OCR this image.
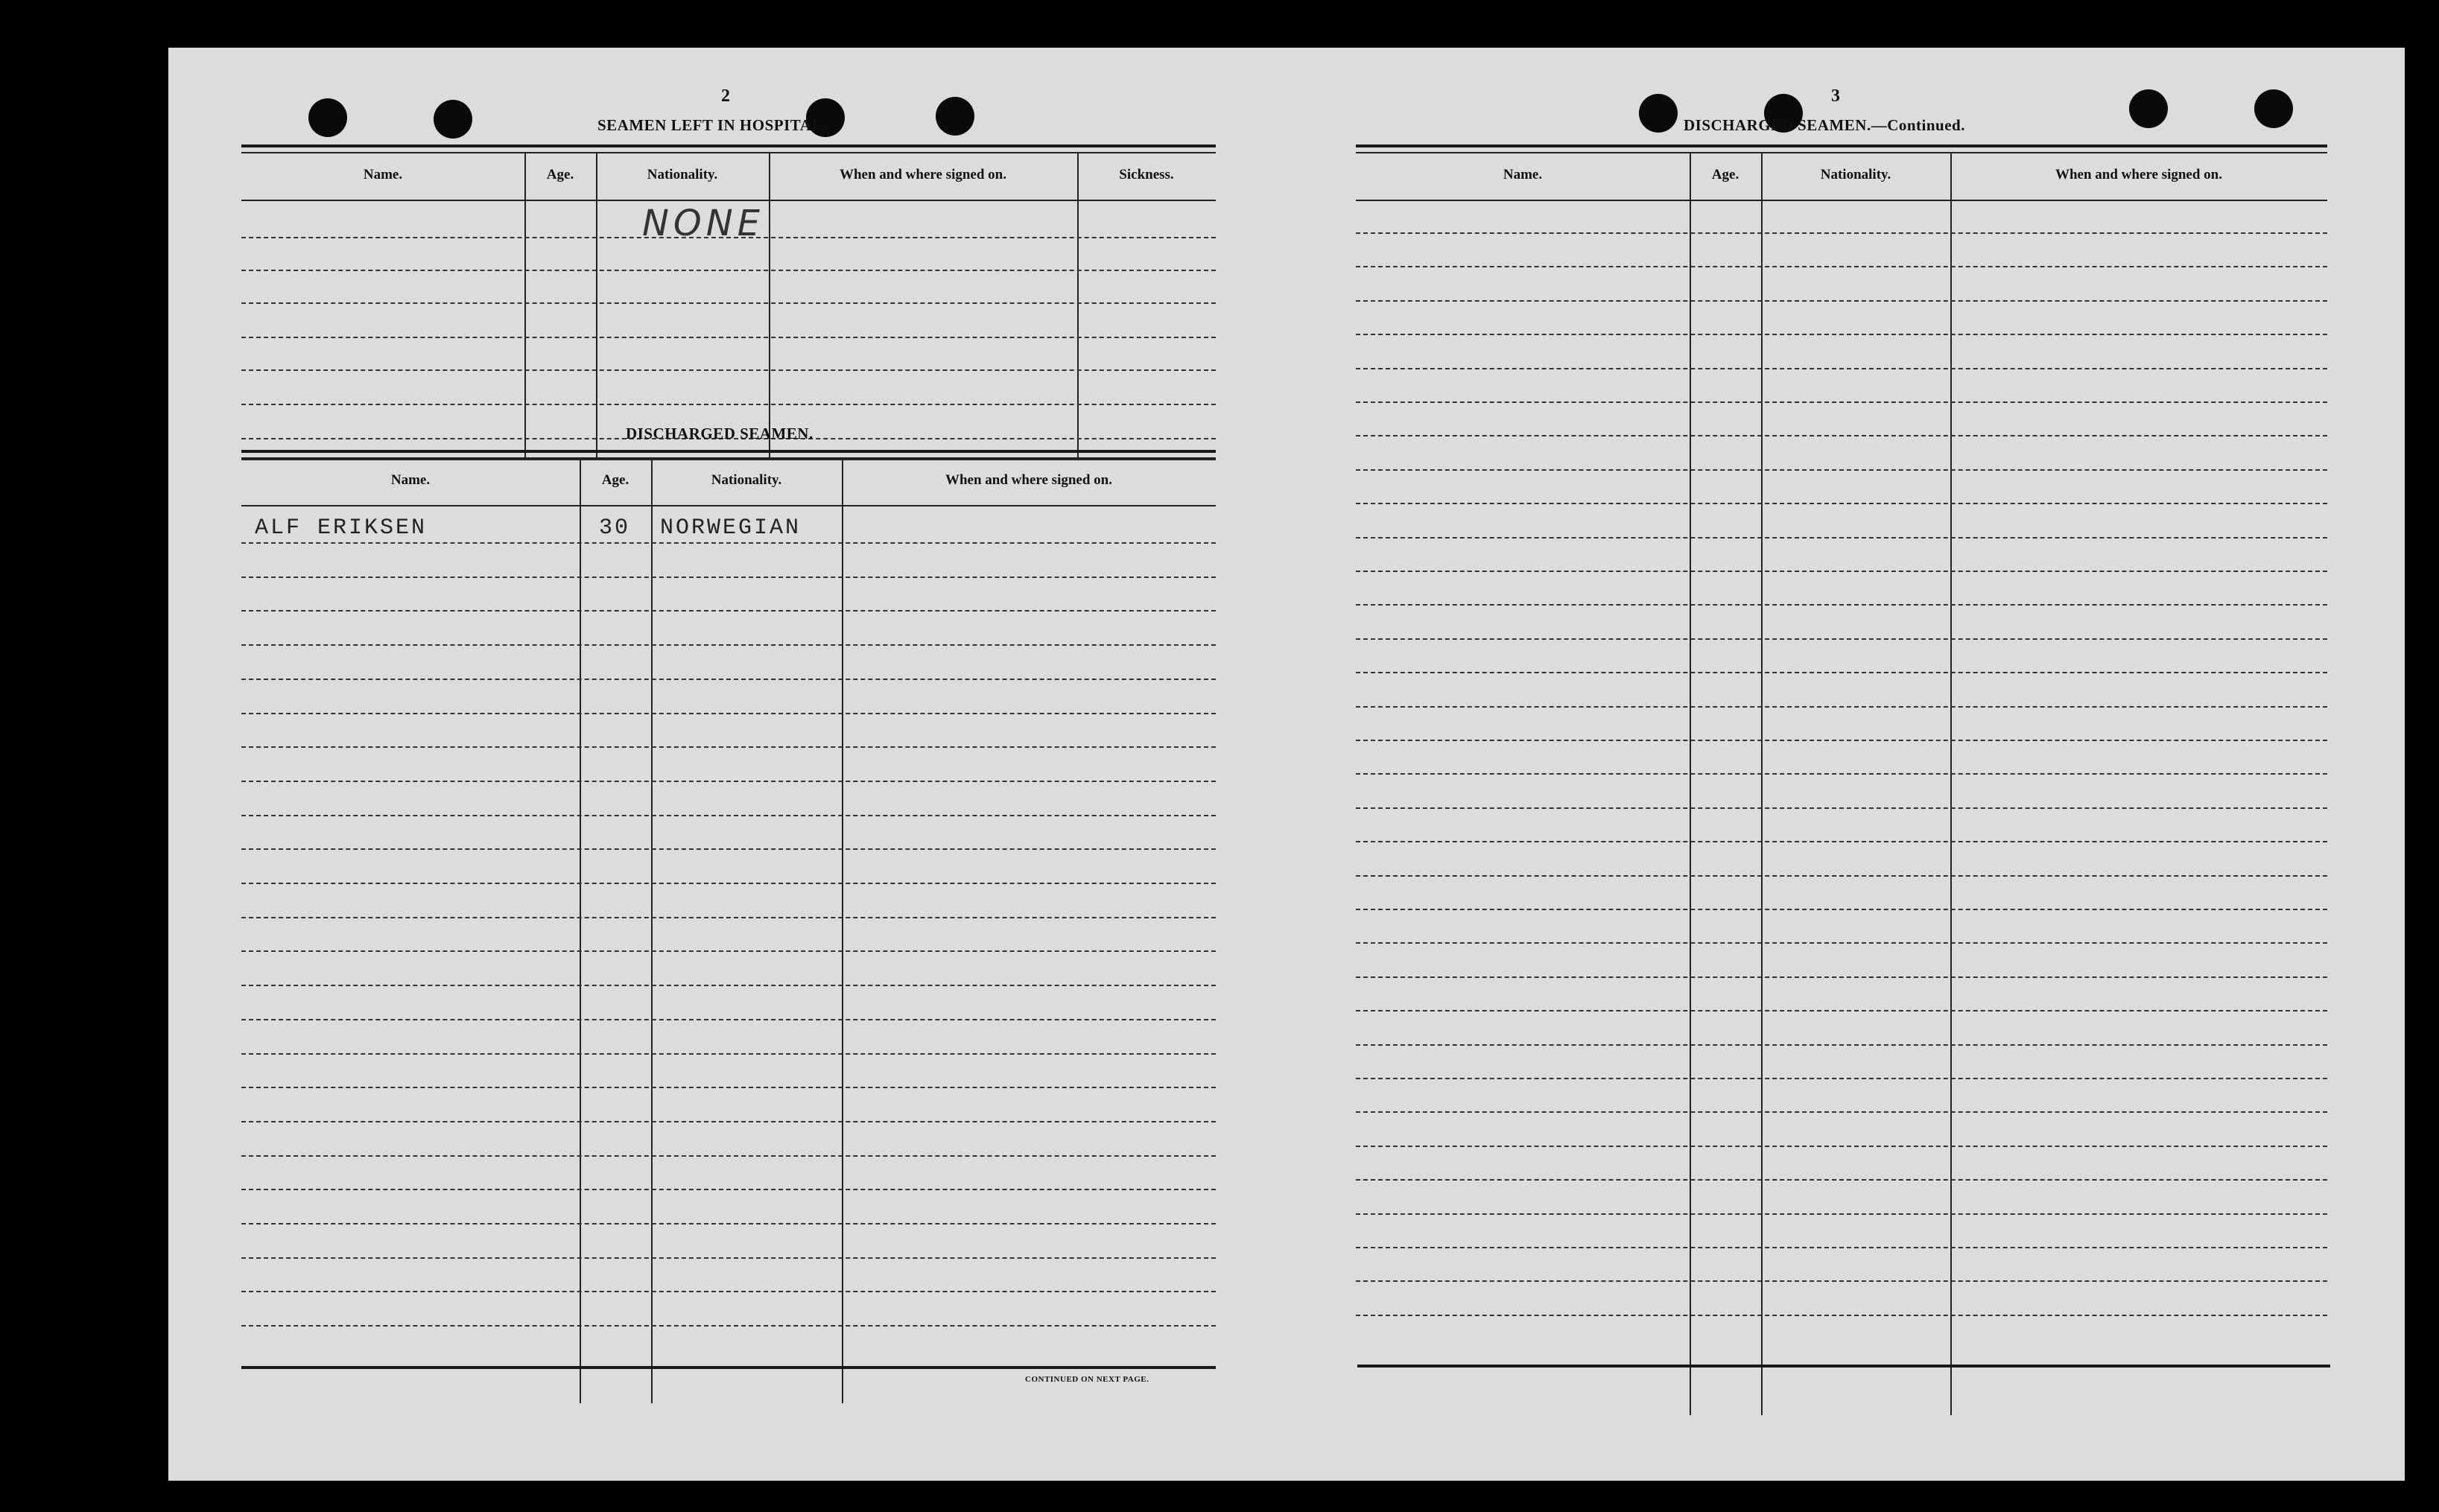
2
SEAMEN LEFT IN HOSPITAL.
Name.	Age.	Nationality.	When and where signed on.	Sickness.
NONE
DISCHARGED SEAMEN.
Name.	Age.	Nationality.	When and where signed on.
ALF ERIKSEN	30 NORWEGIAN
CONTINUED ON NEXT PAGE.
3
DISCHARGED SEAMEN.—Continued.
Name.	Age.	Nationality.	When and where signed on.
